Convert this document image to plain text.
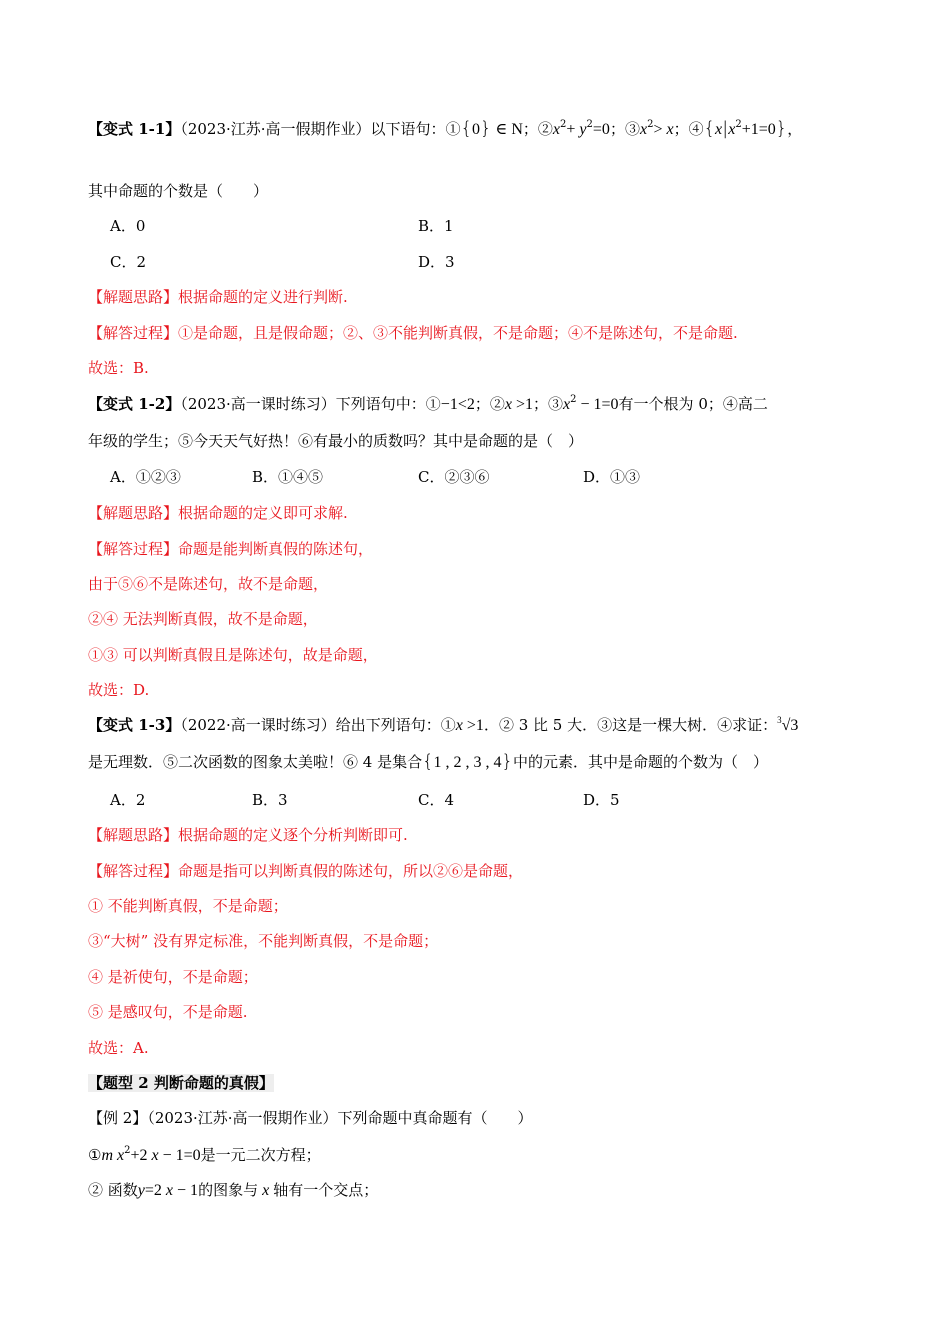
【变式 1-1】（2023·江苏·高一假期作业）以下语句：①{0} ∈ N；$②x^2+ y^2=0$；$③x^2> x$；$④\{x|x^2+1=0\}$，
其中命题的个数是（　　）
A．0	B．1
C．2	D．3
【解题思路】根据命题的定义进行判断.
【解答过程】①是命题，且是假命题；②、③不能判断真假，不是命题；④不是陈述句，不是命题.
故选：B.
【变式 1-2】（2023·高一课时练习）下列语句中：①−1<2；②x >1；$③x^2 - 1=0$有一个根为 0；④高二
年级的学生；⑤今天天气好热！⑥有最小的质数吗？其中是命题的是（　）
A．①②③	B．①④⑤	C．②③⑥	D．①③
【解题思路】根据命题的定义即可求解.
【解答过程】命题是能判断真假的陈述句，
由于⑤⑥不是陈述句，故不是命题，
②④ 无法判断真假，故不是命题，
①③ 可以判断真假且是陈述句，故是命题，
故选：D.
【变式 1-3】（2022·高一课时练习）给出下列语句：①x >1．② 3 比 5 大．③这是一棵大树．④求证：$^3$√3
是无理数．⑤二次函数的图象太美啦！⑥ 4 是集合{1 , 2 , 3 , 4}中的元素．其中是命题的个数为（　）
A．2	B．3	C．4	D．5
【解题思路】根据命题的定义逐个分析判断即可.
【解答过程】命题是指可以判断真假的陈述句，所以②⑥是命题，
① 不能判断真假，不是命题；
③“大树” 没有界定标准，不能判断真假，不是命题；
④ 是祈使句，不是命题；
⑤ 是感叹句，不是命题.
故选：A.
【题型 2 判断命题的真假】
【例 2】（2023·江苏·高一假期作业）下列命题中真命题有（　　）
①m $x^2+2$ x − 1=0是一元二次方程；
② 函数y=2 x − 1的图象与 x 轴有一个交点；
